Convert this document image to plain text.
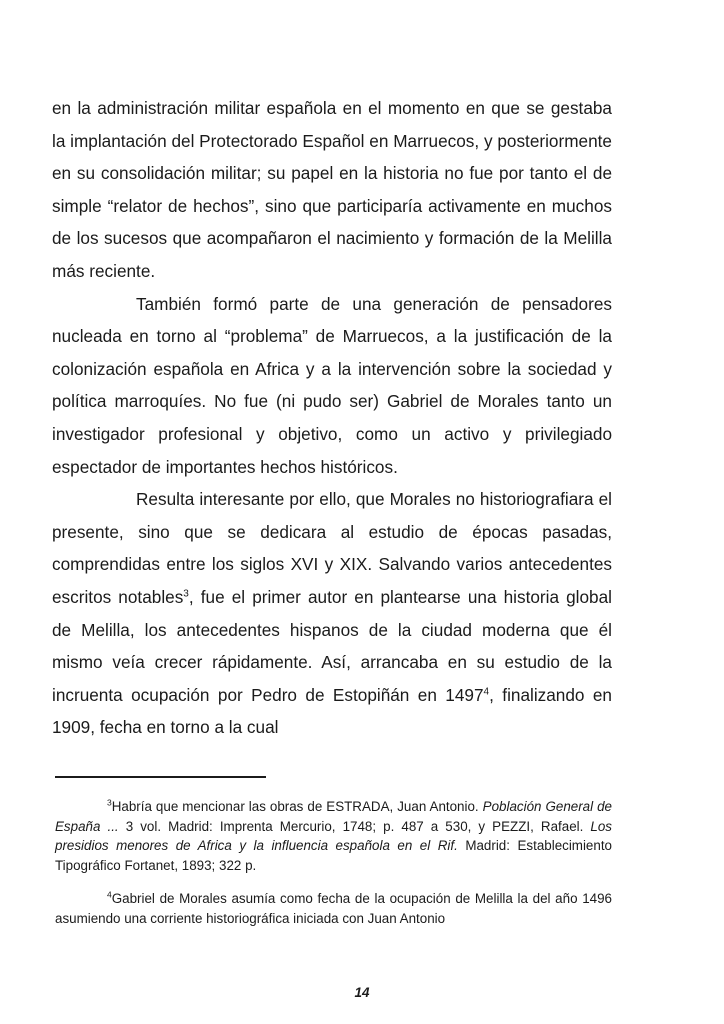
en la administración militar española en el momento en que se gestaba la implantación del Protectorado Español en Marruecos, y posteriormente en su consolidación militar; su papel en la historia no fue por tanto el de simple “relator de hechos”, sino que participaría activamente en muchos de los sucesos que acompañaron el nacimiento y formación de la Melilla más reciente.

También formó parte de una generación de pensadores nucleada en torno al “problema” de Marruecos, a la justificación de la colonización española en Africa y a la intervención sobre la sociedad y política marroquíes. No fue (ni pudo ser) Gabriel de Morales tanto un investigador profesional y objetivo, como un activo y privilegiado espectador de importantes hechos históricos.

Resulta interesante por ello, que Morales no historiografiara el presente, sino que se dedicara al estudio de épocas pasadas, comprendidas entre los siglos XVI y XIX. Salvando varios antecedentes escritos notables$^3$, fue el primer autor en plantearse una historia global de Melilla, los antecedentes hispanos de la ciudad moderna que él mismo veía crecer rápidamente. Así, arrancaba en su estudio de la incruenta ocupación por Pedro de Estopiñán en 1497$^4$, finalizando en 1909, fecha en torno a la cual

$^3$Habría que mencionar las obras de ESTRADA, Juan Antonio. Población General de España ... 3 vol. Madrid: Imprenta Mercurio, 1748; p. 487 a 530, y PEZZI, Rafael. Los presidios menores de Africa y la influencia española en el Rif. Madrid: Establecimiento Tipográfico Fortanet, 1893; 322 p.

$^4$Gabriel de Morales asumía como fecha de la ocupación de Melilla la del año 1496 asumiendo una corriente historiográfica iniciada con Juan Antonio

14
